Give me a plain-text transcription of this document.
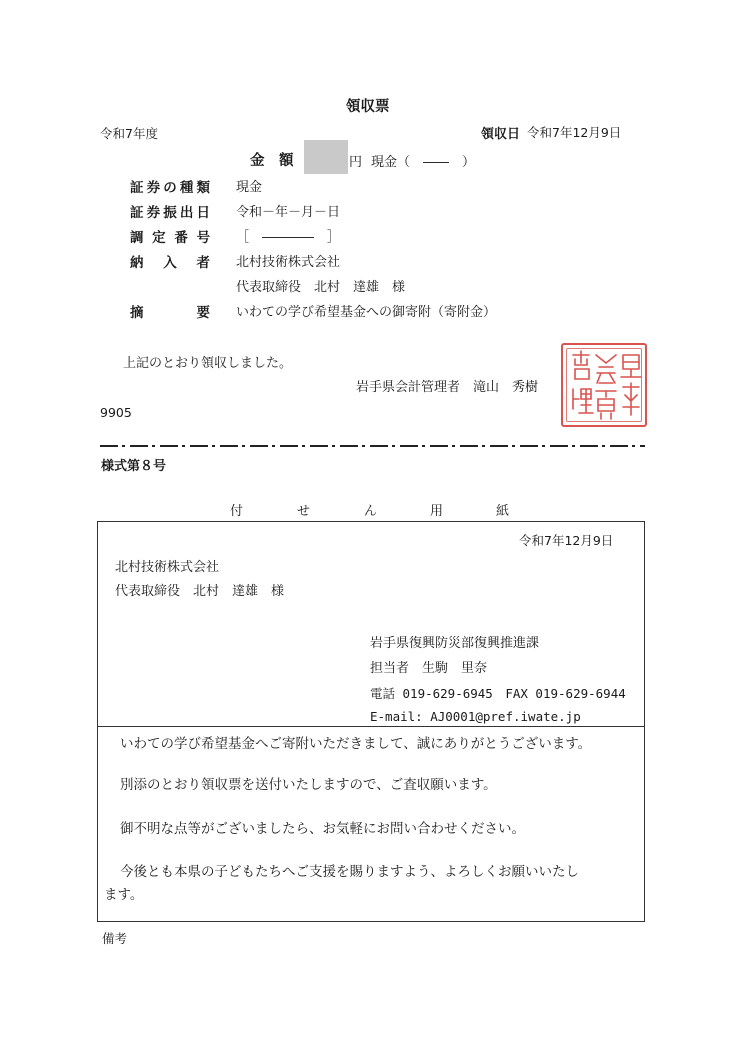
領収票
令和7年度	領収日 令和7年12月9日
金　額	円 現金（　――　）
証券の種類 現金
証券振出日 令和－年－月－日
調定番号 ［　――――　］
納入者 北村技術株式会社
代表取締役　北村　達雄　様
摘要 いわての学び希望基金への御寄附（寄附金）
上記のとおり領収しました。
岩手県会計管理者　滝山　秀樹
9905
様式第８号
付	せ	ん	用	紙
令和7年12月9日
北村技術株式会社
代表取締役　北村　達雄　様
岩手県復興防災部復興推進課
担当者　生駒　里奈
電話 019-629-6945　FAX 019-629-6944
E-mail: AJ0001@pref.iwate.jp
いわての学び希望基金へご寄附いただきまして、誠にありがとうございます。
別添のとおり領収票を送付いたしますので、ご査収願います。
御不明な点等がございましたら、お気軽にお問い合わせください。
今後とも本県の子どもたちへご支援を賜りますよう、よろしくお願いいたし
ます。
備考
